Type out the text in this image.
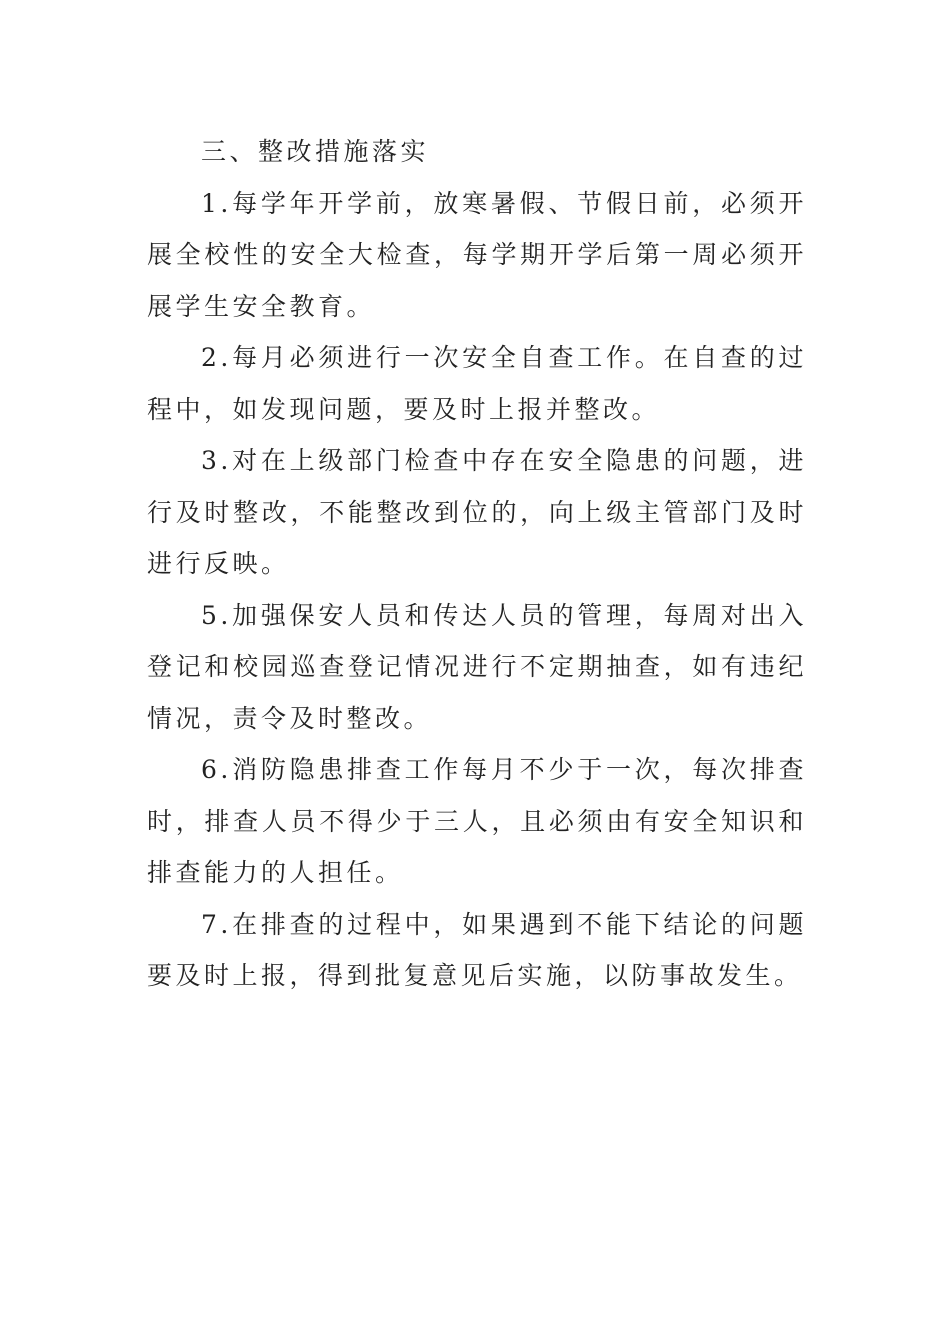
三、整改措施落实

1.每学年开学前，放寒暑假、节假日前，必须开展全校性的安全大检查，每学期开学后第一周必须开展学生安全教育。

2.每月必须进行一次安全自查工作。在自查的过程中，如发现问题，要及时上报并整改。

3.对在上级部门检查中存在安全隐患的问题，进行及时整改，不能整改到位的，向上级主管部门及时进行反映。

5.加强保安人员和传达人员的管理，每周对出入登记和校园巡查登记情况进行不定期抽查，如有违纪情况，责令及时整改。

6.消防隐患排查工作每月不少于一次，每次排查时，排查人员不得少于三人，且必须由有安全知识和排查能力的人担任。

7.在排查的过程中，如果遇到不能下结论的问题要及时上报，得到批复意见后实施，以防事故发生。
